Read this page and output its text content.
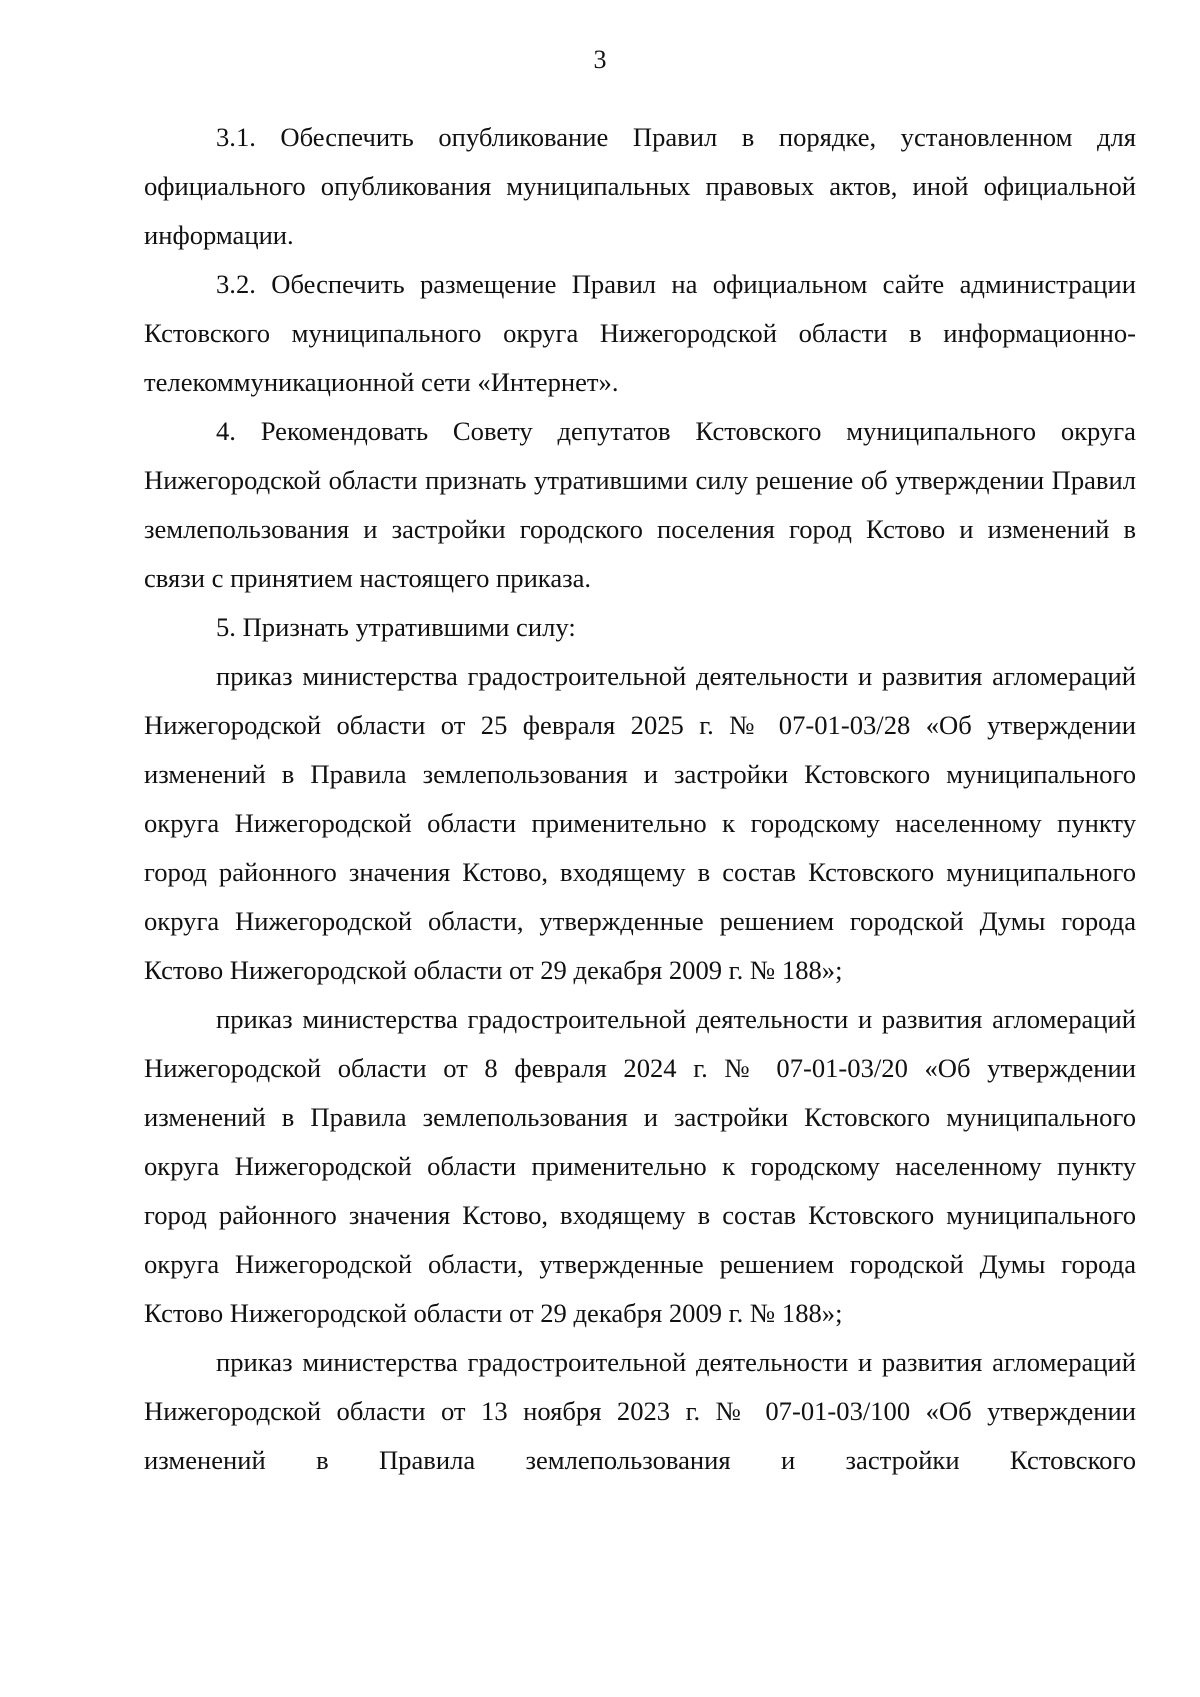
3

3.1. Обеспечить опубликование Правил в порядке, установленном для официального опубликования муниципальных правовых актов, иной официальной информации.

3.2. Обеспечить размещение Правил на официальном сайте администрации Кстовского муниципального округа Нижегородской области в информационно-телекоммуникационной сети «Интернет».

4. Рекомендовать Совету депутатов Кстовского муниципального округа Нижегородской области признать утратившими силу решение об утверждении Правил землепользования и застройки городского поселения город Кстово и изменений в связи с принятием настоящего приказа.

5. Признать утратившими силу:

приказ министерства градостроительной деятельности и развития агломераций Нижегородской области от 25 февраля 2025 г. № 07-01-03/28 «Об утверждении изменений в Правила землепользования и застройки Кстовского муниципального округа Нижегородской области применительно к городскому населенному пункту город районного значения Кстово, входящему в состав Кстовского муниципального округа Нижегородской области, утвержденные решением городской Думы города Кстово Нижегородской области от 29 декабря 2009 г. № 188»;

приказ министерства градостроительной деятельности и развития агломераций Нижегородской области от 8 февраля 2024 г. № 07-01-03/20 «Об утверждении изменений в Правила землепользования и застройки Кстовского муниципального округа Нижегородской области применительно к городскому населенному пункту город районного значения Кстово, входящему в состав Кстовского муниципального округа Нижегородской области, утвержденные решением городской Думы города Кстово Нижегородской области от 29 декабря 2009 г. № 188»;

приказ министерства градостроительной деятельности и развития агломераций Нижегородской области от 13 ноября 2023 г. № 07-01-03/100 «Об утверждении изменений в Правила землепользования и застройки Кстовского
